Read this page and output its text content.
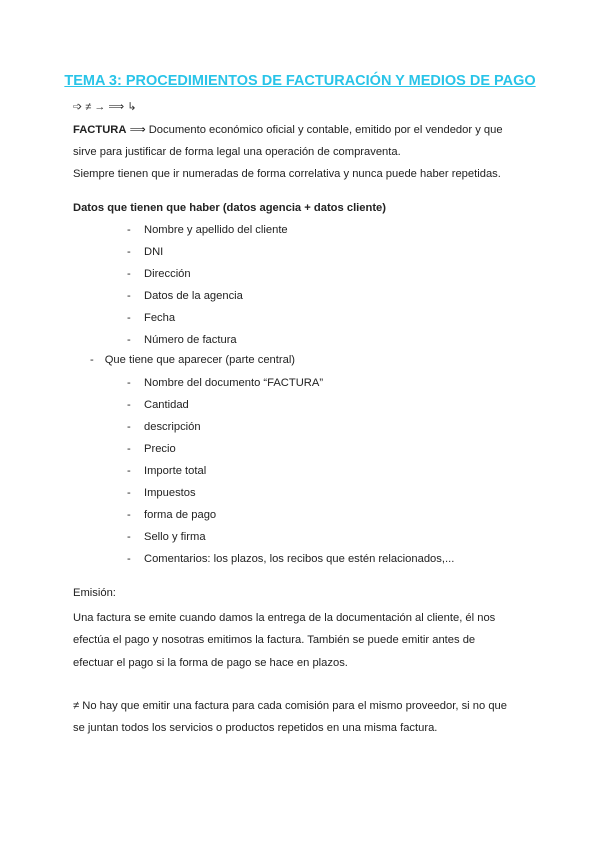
TEMA 3: PROCEDIMIENTOS DE FACTURACIÓN Y MEDIOS DE PAGO
➩ ≠ → ⟹ ↳
FACTURA ⟹ Documento económico oficial y contable, emitido por el vendedor y que
sirve para justificar de forma legal una operación de compraventa.
Siempre tienen que ir numeradas de forma correlativa y nunca puede haber repetidas.
Datos que tienen que haber (datos agencia + datos cliente)
- Nombre y apellido del cliente
- DNI
- Dirección
- Datos de la agencia
- Fecha
- Número de factura
- Que tiene que aparecer (parte central)
- Nombre del documento “FACTURA”
- Cantidad
- descripción
- Precio
- Importe total
- Impuestos
- forma de pago
- Sello y firma
- Comentarios: los plazos, los recibos que estén relacionados,...
Emisión:
Una factura se emite cuando damos la entrega de la documentación al cliente, él nos
efectúa el pago y nosotras emitimos la factura. También se puede emitir antes de
efectuar el pago si la forma de pago se hace en plazos.
≠ No hay que emitir una factura para cada comisión para el mismo proveedor, si no que
se juntan todos los servicios o productos repetidos en una misma factura.
